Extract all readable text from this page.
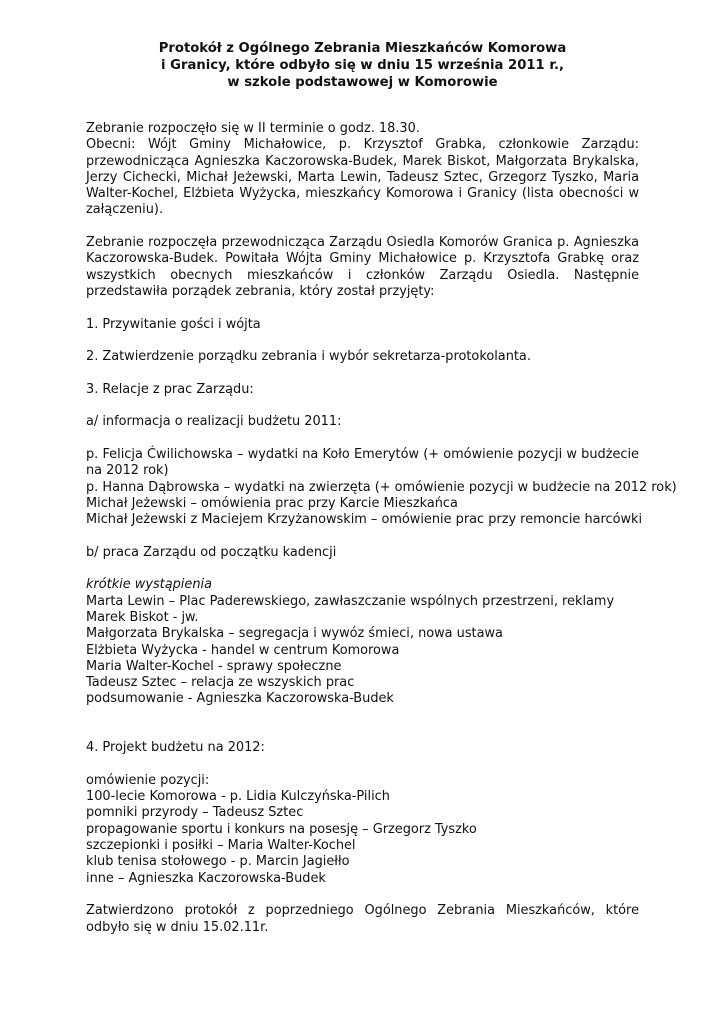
Protokół z Ogólnego Zebrania Mieszkańców Komorowa
i Granicy, które odbyło się w dniu 15 września 2011 r.,
w szkole podstawowej w Komorowie

Zebranie rozpoczęło się w II terminie o godz. 18.30.

Obecni: Wójt Gminy Michałowice, p. Krzysztof Grabka, członkowie Zarządu: przewodnicząca Agnieszka Kaczorowska-Budek, Marek Biskot, Małgorzata Brykalska, Jerzy Cichecki, Michał Jeżewski, Marta Lewin, Tadeusz Sztec, Grzegorz Tyszko, Maria Walter-Kochel, Elżbieta Wyżycka, mieszkańcy Komorowa i Granicy (lista obecności w załączeniu).

Zebranie rozpoczęła przewodnicząca Zarządu Osiedla Komorów Granica p. Agnieszka Kaczorowska-Budek. Powitała Wójta Gminy Michałowice p. Krzysztofa Grabkę oraz wszystkich obecnych mieszkańców i członków Zarządu Osiedla. Następnie przedstawiła porządek zebrania, który został przyjęty:

1. Przywitanie gości i wójta

2. Zatwierdzenie porządku zebrania i wybór sekretarza-protokolanta.

3. Relacje z prac Zarządu:

a/ informacja o realizacji budżetu 2011:

p. Felicja Ćwilichowska – wydatki na Koło Emerytów (+ omówienie pozycji w budżecie na 2012 rok)

p. Hanna Dąbrowska – wydatki na zwierzęta (+ omówienie pozycji w budżecie na 2012 rok)

Michał Jeżewski – omówienia prac przy Karcie Mieszkańca

Michał Jeżewski z Maciejem Krzyżanowskim – omówienie prac przy remoncie harcówki

b/ praca Zarządu od początku kadencji

krótkie wystąpienia

Marta Lewin – Plac Paderewskiego, zawłaszczanie wspólnych przestrzeni, reklamy

Marek Biskot - jw.

Małgorzata Brykalska – segregacja i wywóz śmieci, nowa ustawa

Elżbieta Wyżycka - handel w centrum Komorowa

Maria Walter-Kochel - sprawy społeczne

Tadeusz Sztec – relacja ze wszyskich prac

podsumowanie - Agnieszka Kaczorowska-Budek

4. Projekt budżetu na 2012:

omówienie pozycji:

100-lecie Komorowa - p. Lidia Kulczyńska-Pilich

pomniki przyrody – Tadeusz Sztec

propagowanie sportu i konkurs na posesję – Grzegorz Tyszko

szczepionki i posiłki – Maria Walter-Kochel

klub tenisa stołowego - p. Marcin Jagiełło

inne – Agnieszka Kaczorowska-Budek

Zatwierdzono protokół z poprzedniego Ogólnego Zebrania Mieszkańców, które odbyło się w dniu 15.02.11r.
